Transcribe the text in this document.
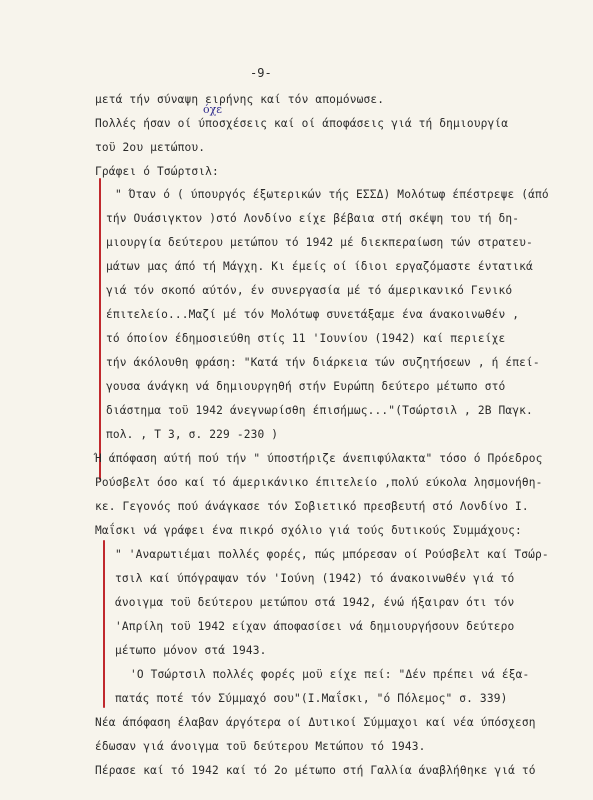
-9-
όχε
μετά τήν σύναψη ειρήνης καί τόν απομόνωσε.
Πολλές ήσαν οί ύποσχέσεις καί οί άποφάσεις γιά τή δημιουργία
τοϋ 2ου μετώπου.
Γράφει ό Τσώρτσιλ:
" Όταν ό ( ύπουργός έξωτερικών τής ΕΣΣΔ) Μολότωφ έπέστρεψε (άπό
τήν Ουάσιγκτον )στό Λονδίνο είχε βέβαια στή σκέψη του τή δη-
μιουργία δεύτερου μετώπου τό 1942 μέ διεκπεραίωση τών στρατευ-
μάτων μας άπό τή Μάγχη. Κι έμείς οί ίδιοι εργαζόμαστε έντατικά
γιά τόν σκοπό αύτόν, έν συνεργασία μέ τό άμερικανικό Γενικό
έπιτελείο...Μαζί μέ τόν Μολότωφ συνετάξαμε ένα άνακοινωθέν ,
τό όποίον έδημοσιεύθη στίς 11 'Ιουνίου (1942) καί περιείχε
τήν άκόλουθη φράση: "Κατά τήν διάρκεια τών συζητήσεων , ή έπεί-
γουσα άνάγκη νά δημιουργηθή στήν Ευρώπη δεύτερο μέτωπο στό
διάστημα τοϋ 1942 άνεγνωρίσθη έπισήμως..."(Τσώρτσιλ , 2Β Παγκ.
πολ. , Τ 3, σ. 229 -230 )
Ή άπόφαση αύτή πού τήν " ύποστήριζε άνεπιφύλακτα" τόσο ό Πρόεδρος
Ρούσβελτ όσο καί τό άμερικάνικο έπιτελείο ,πολύ εύκολα λησμονήθη-
κε. Γεγονός πού άνάγκασε τόν Σοβιετικό πρεσβευτή στό Λονδίνο Ι.
Μαΐσκι νά γράφει ένα πικρό σχόλιο γιά τούς δυτικούς Συμμάχους:
" 'Αναρωτιέμαι πολλές φορές, πώς μπόρεσαν οί Ρούσβελτ καί Τσώρ-
τσιλ καί ύπόγραψαν τόν 'Ιούνη (1942) τό άνακοινωθέν γιά τό
άνοιγμα τοϋ δεύτερου μετώπου στά 1942, ένώ ήξαιραν ότι τόν
'Απρίλη τοϋ 1942 είχαν άποφασίσει νά δημιουργήσουν δεύτερο
μέτωπο μόνον στά 1943.
'Ο Τσώρτσιλ πολλές φορές μοϋ είχε πεί: "Δέν πρέπει νά έξα-
πατάς ποτέ τόν Σύμμαχό σου"(Ι.Μαΐσκι, "ό Πόλεμος" σ. 339)
Νέα άπόφαση έλαβαν άργότερα οί Δυτικοί Σύμμαχοι καί νέα ύπόσχεση
έδωσαν γιά άνοιγμα τοϋ δεύτερου Μετώπου τό 1943.
Πέρασε καί τό 1942 καί τό 2ο μέτωπο στή Γαλλία άναβλήθηκε γιά τό
